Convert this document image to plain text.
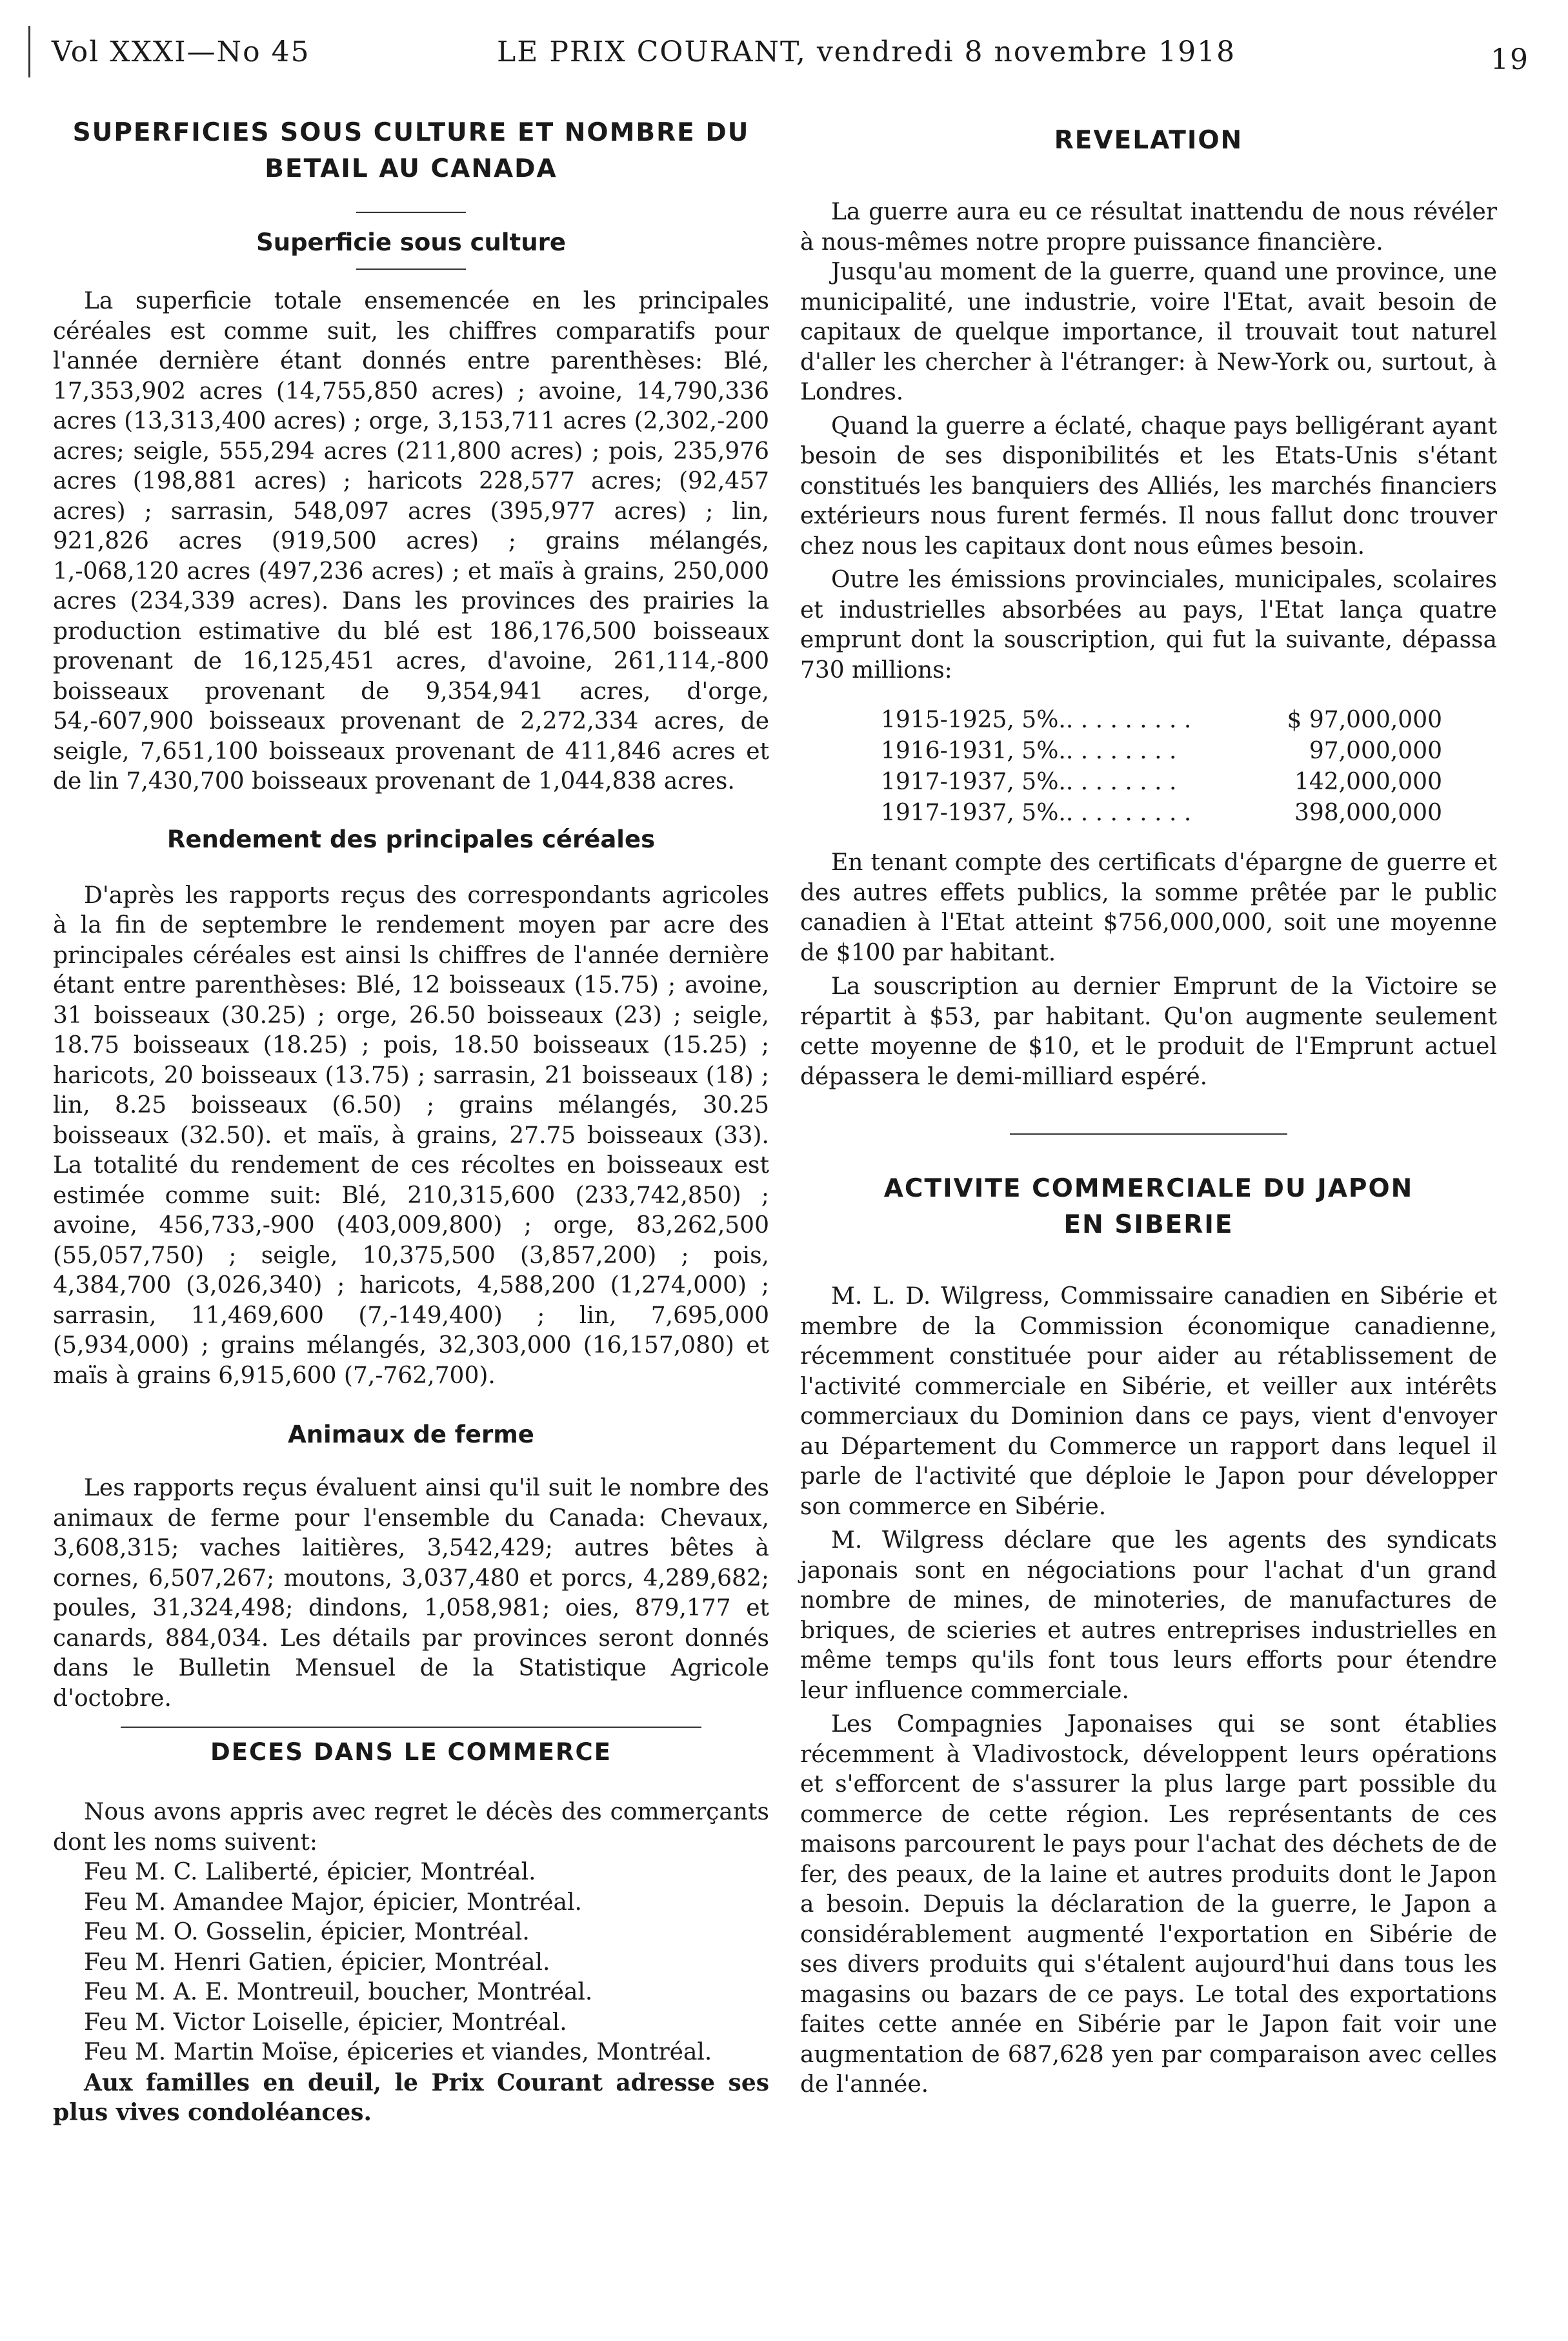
Vol XXXI—No 45	LE PRIX COURANT, vendredi 8 novembre 1918	19
SUPERFICIES SOUS CULTURE ET NOMBRE DU
BETAIL AU CANADA
Superficie sous culture

La superficie totale ensemencée en les principales céréales est comme suit, les chiffres comparatifs pour l'année dernière étant donnés entre parenthèses: Blé, 17,353,902 acres (14,755,850 acres) ; avoine, 14,790,336 acres (13,313,400 acres) ; orge, 3,153,711 acres (2,302,-200 acres; seigle, 555,294 acres (211,800 acres) ; pois, 235,976 acres (198,881 acres) ; haricots 228,577 acres; (92,457 acres) ; sarrasin, 548,097 acres (395,977 acres) ; lin, 921,826 acres (919,500 acres) ; grains mélangés, 1,-068,120 acres (497,236 acres) ; et maïs à grains, 250,000 acres (234,339 acres). Dans les provinces des prairies la production estimative du blé est 186,176,500 boisseaux provenant de 16,125,451 acres, d'avoine, 261,114,-800 boisseaux provenant de 9,354,941 acres, d'orge, 54,-607,900 boisseaux provenant de 2,272,334 acres, de seigle, 7,651,100 boisseaux provenant de 411,846 acres et de lin 7,430,700 boisseaux provenant de 1,044,838 acres.

Rendement des principales céréales

D'après les rapports reçus des correspondants agricoles à la fin de septembre le rendement moyen par acre des principales céréales est ainsi ls chiffres de l'année dernière étant entre parenthèses: Blé, 12 boisseaux (15.75) ; avoine, 31 boisseaux (30.25) ; orge, 26.50 boisseaux (23) ; seigle, 18.75 boisseaux (18.25) ; pois, 18.50 boisseaux (15.25) ; haricots, 20 boisseaux (13.75) ; sarrasin, 21 boisseaux (18) ; lin, 8.25 boisseaux (6.50) ; grains mélangés, 30.25 boisseaux (32.50). et maïs, à grains, 27.75 boisseaux (33). La totalité du rendement de ces récoltes en boisseaux est estimée comme suit: Blé, 210,315,600 (233,742,850) ; avoine, 456,733,-900 (403,009,800) ; orge, 83,262,500 (55,057,750) ; seigle, 10,375,500 (3,857,200) ; pois, 4,384,700 (3,026,340) ; haricots, 4,588,200 (1,274,000) ; sarrasin, 11,469,600 (7,-149,400) ; lin, 7,695,000 (5,934,000) ; grains mélangés, 32,303,000 (16,157,080) et maïs à grains 6,915,600 (7,-762,700).

Animaux de ferme

Les rapports reçus évaluent ainsi qu'il suit le nombre des animaux de ferme pour l'ensemble du Canada: Chevaux, 3,608,315; vaches laitières, 3,542,429; autres bêtes à cornes, 6,507,267; moutons, 3,037,480 et porcs, 4,289,682; poules, 31,324,498; dindons, 1,058,981; oies, 879,177 et canards, 884,034. Les détails par provinces seront donnés dans le Bulletin Mensuel de la Statistique Agricole d'octobre.

DECES DANS LE COMMERCE

Nous avons appris avec regret le décès des commerçants dont les noms suivent:

Feu M. C. Laliberté, épicier, Montréal.
Feu M. Amandee Major, épicier, Montréal.
Feu M. O. Gosselin, épicier, Montréal.
Feu M. Henri Gatien, épicier, Montréal.
Feu M. A. E. Montreuil, boucher, Montréal.
Feu M. Victor Loiselle, épicier, Montréal.
Feu M. Martin Moïse, épiceries et viandes, Montréal.

Aux familles en deuil, le Prix Courant adresse ses plus vives condoléances.

REVELATION

La guerre aura eu ce résultat inattendu de nous révéler à nous-mêmes notre propre puissance financière.

Jusqu'au moment de la guerre, quand une province, une municipalité, une industrie, voire l'Etat, avait besoin de capitaux de quelque importance, il trouvait tout naturel d'aller les chercher à l'étranger: à New-York ou, surtout, à Londres.

Quand la guerre a éclaté, chaque pays belligérant ayant besoin de ses disponibilités et les Etats-Unis s'étant constitués les banquiers des Alliés, les marchés financiers extérieurs nous furent fermés. Il nous fallut donc trouver chez nous les capitaux dont nous eûmes besoin.

Outre les émissions provinciales, municipales, scolaires et industrielles absorbées au pays, l'Etat lança quatre emprunt dont la souscription, qui fut la suivante, dépassa 730 millions:

1915-1925, 5%.. . . . . . . . .	$ 97,000,000
1916-1931, 5%.. . . . . . . .	97,000,000
1917-1937, 5%.. . . . . . . .	142,000,000
1917-1937, 5%.. . . . . . . . .	398,000,000

En tenant compte des certificats d'épargne de guerre et des autres effets publics, la somme prêtée par le public canadien à l'Etat atteint $756,000,000, soit une moyenne de $100 par habitant.

La souscription au dernier Emprunt de la Victoire se répartit à $53, par habitant. Qu'on augmente seulement cette moyenne de $10, et le produit de l'Emprunt actuel dépassera le demi-milliard espéré.

ACTIVITE COMMERCIALE DU JAPON
EN SIBERIE

M. L. D. Wilgress, Commissaire canadien en Sibérie et membre de la Commission économique canadienne, récemment constituée pour aider au rétablissement de l'activité commerciale en Sibérie, et veiller aux intérêts commerciaux du Dominion dans ce pays, vient d'envoyer au Département du Commerce un rapport dans lequel il parle de l'activité que déploie le Japon pour développer son commerce en Sibérie.

M. Wilgress déclare que les agents des syndicats japonais sont en négociations pour l'achat d'un grand nombre de mines, de minoteries, de manufactures de briques, de scieries et autres entreprises industrielles en même temps qu'ils font tous leurs efforts pour étendre leur influence commerciale.

Les Compagnies Japonaises qui se sont établies récemment à Vladivostock, développent leurs opérations et s'efforcent de s'assurer la plus large part possible du commerce de cette région. Les représentants de ces maisons parcourent le pays pour l'achat des déchets de de fer, des peaux, de la laine et autres produits dont le Japon a besoin. Depuis la déclaration de la guerre, le Japon a considérablement augmenté l'exportation en Sibérie de ses divers produits qui s'étalent aujourd'hui dans tous les magasins ou bazars de ce pays. Le total des exportations faites cette année en Sibérie par le Japon fait voir une augmentation de 687,628 yen par comparaison avec celles de l'année.
